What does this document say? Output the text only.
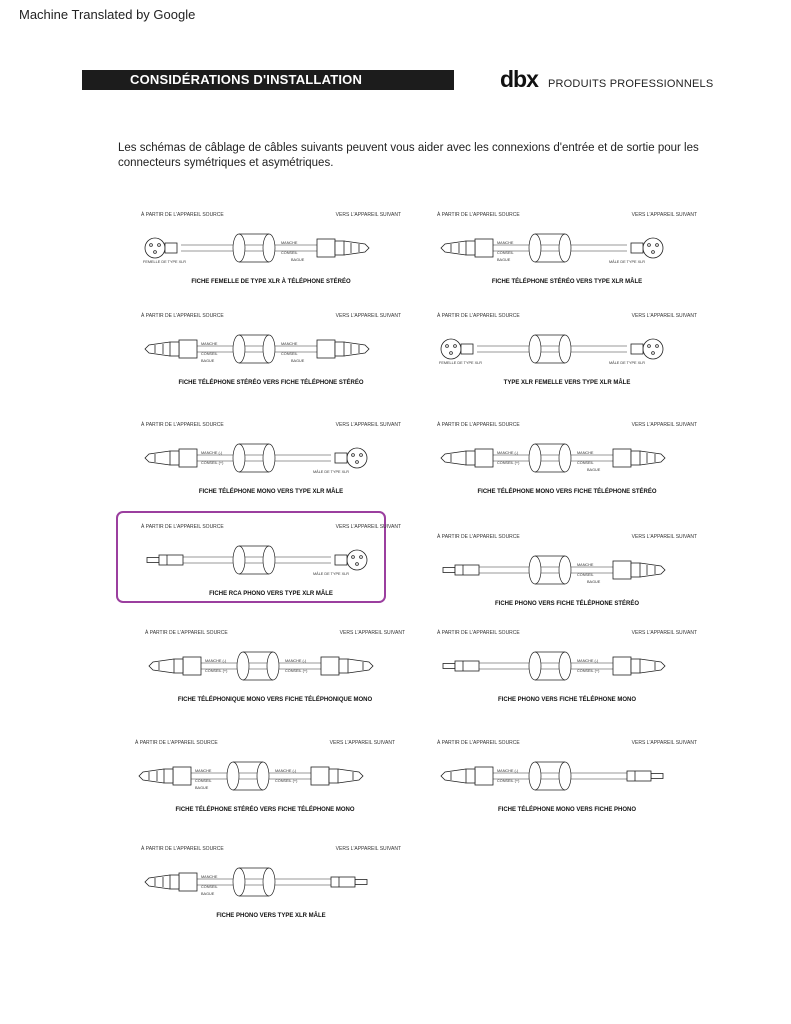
Machine Translated by Google
CONSIDÉRATIONS D'INSTALLATION	dbx PRODUITS PROFESSIONNELS
Les schémas de câblage de câbles suivants peuvent vous aider avec les connexions d'entrée et de sortie pour les connecteurs symétriques et asymétriques.
À PARTIR DE L'APPAREIL SOURCE	VERS L'APPAREIL SUIVANT
MANCHE
CONSEIL
BAGUE
FEMELLE DE TYPE XLR
FICHE FEMELLE DE TYPE XLR À TÉLÉPHONE STÉRÉO
À PARTIR DE L'APPAREIL SOURCE	VERS L'APPAREIL SUIVANT
MANCHE
CONSEIL
BAGUE	MÂLE DE TYPE XLR
FICHE TÉLÉPHONE STÉRÉO VERS TYPE XLR MÂLE
À PARTIR DE L'APPAREIL SOURCE	VERS L'APPAREIL SUIVANT
MANCHE
CONSEIL
BAGUE
MANCHE
CONSEIL
BAGUE
FICHE TÉLÉPHONE STÉRÉO VERS FICHE TÉLÉPHONE STÉRÉO
À PARTIR DE L'APPAREIL SOURCE	VERS L'APPAREIL SUIVANT
FEMELLE DE TYPE XLR	MÂLE DE TYPE XLR
TYPE XLR FEMELLE VERS TYPE XLR MÂLE
À PARTIR DE L'APPAREIL SOURCE	VERS L'APPAREIL SUIVANT
MANCHE (-)
CONSEIL (+)
MÂLE DE TYPE XLR
FICHE TÉLÉPHONE MONO VERS TYPE XLR MÂLE
À PARTIR DE L'APPAREIL SOURCE	VERS L'APPAREIL SUIVANT
MANCHE (-)
CONSEIL (+)
MANCHE
CONSEIL
BAGUE
FICHE TÉLÉPHONE MONO VERS FICHE TÉLÉPHONE STÉRÉO
À PARTIR DE L'APPAREIL SOURCE	VERS L'APPAREIL SUIVANT
MÂLE DE TYPE XLR
FICHE RCA PHONO VERS TYPE XLR MÂLE
À PARTIR DE L'APPAREIL SOURCE	VERS L'APPAREIL SUIVANT
MANCHE
CONSEIL
BAGUE
FICHE PHONO VERS FICHE TÉLÉPHONE STÉRÉO
À PARTIR DE L'APPAREIL SOURCE	VERS L'APPAREIL SUIVANT
MANCHE (-)
CONSEIL (+)
MANCHE (-)
CONSEIL (+)
FICHE TÉLÉPHONIQUE MONO VERS FICHE TÉLÉPHONIQUE MONO
À PARTIR DE L'APPAREIL SOURCE	VERS L'APPAREIL SUIVANT
MANCHE (-)
CONSEIL (+)
FICHE PHONO VERS FICHE TÉLÉPHONE MONO
À PARTIR DE L'APPAREIL SOURCE	VERS L'APPAREIL SUIVANT
MANCHE
CONSEIL
BAGUE
MANCHE (-)
CONSEIL (+)
FICHE TÉLÉPHONE STÉRÉO VERS FICHE TÉLÉPHONE MONO
À PARTIR DE L'APPAREIL SOURCE	VERS L'APPAREIL SUIVANT
MANCHE (-)
CONSEIL (+)
FICHE TÉLÉPHONE MONO VERS FICHE PHONO
À PARTIR DE L'APPAREIL SOURCE	VERS L'APPAREIL SUIVANT
MANCHE
CONSEIL
BAGUE
FICHE PHONO VERS TYPE XLR MÂLE
